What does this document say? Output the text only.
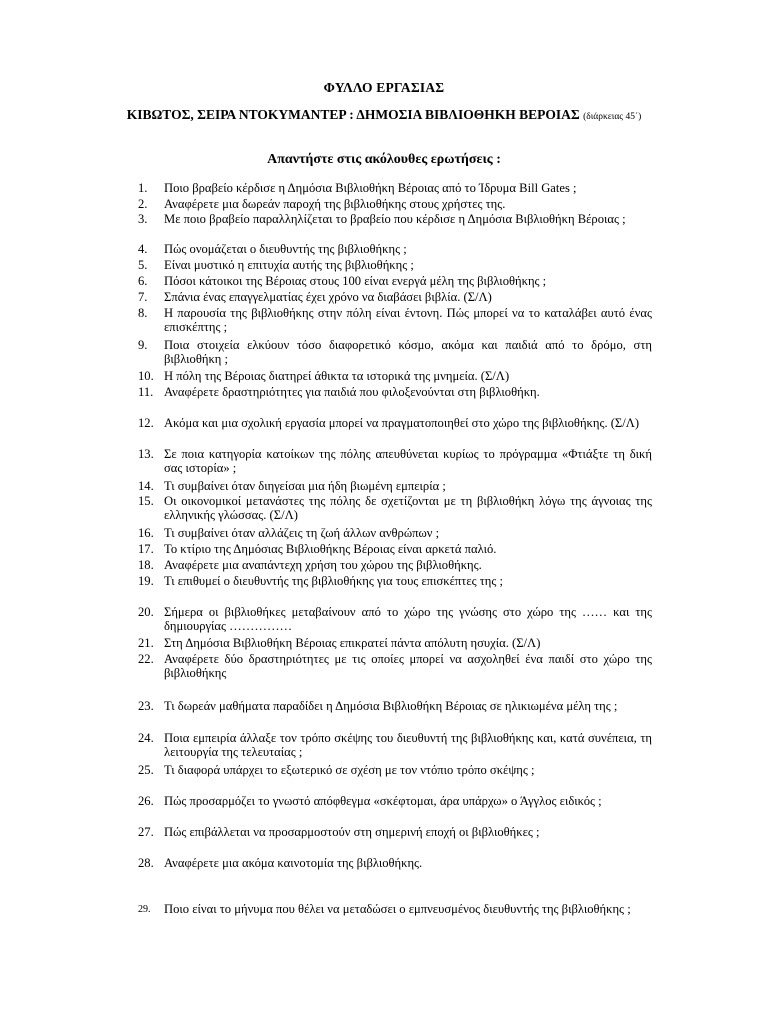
ΦΥΛΛΟ ΕΡΓΑΣΙΑΣ
ΚΙΒΩΤΟΣ, ΣΕΙΡΑ ΝΤΟΚΥΜΑΝΤΕΡ : ΔΗΜΟΣΙΑ ΒΙΒΛΙΟΘΗΚΗ ΒΕΡΟΙΑΣ (διάρκειας 45΄)
Απαντήστε στις ακόλουθες ερωτήσεις :
1. Ποιο βραβείο κέρδισε η Δημόσια Βιβλιοθήκη Βέροιας από το Ίδρυμα Bill Gates ;
2. Αναφέρετε μια δωρεάν παροχή της βιβλιοθήκης στους χρήστες της.
3. Με ποιο βραβείο παραλληλίζεται το βραβείο που κέρδισε η Δημόσια Βιβλιοθήκη Βέροιας ;
4. Πώς ονομάζεται ο διευθυντής της βιβλιοθήκης ;
5. Είναι μυστικό η επιτυχία αυτής της βιβλιοθήκης ;
6. Πόσοι κάτοικοι της Βέροιας στους 100 είναι ενεργά μέλη της βιβλιοθήκης ;
7. Σπάνια ένας επαγγελματίας έχει χρόνο να διαβάσει βιβλία. (Σ/Λ)
8. Η παρουσία της βιβλιοθήκης στην πόλη είναι έντονη. Πώς μπορεί να το καταλάβει αυτό ένας επισκέπτης ;
9. Ποια στοιχεία ελκύουν τόσο διαφορετικό κόσμο, ακόμα και παιδιά από το δρόμο, στη βιβλιοθήκη ;
10. Η πόλη της Βέροιας διατηρεί άθικτα τα ιστορικά της μνημεία. (Σ/Λ)
11. Αναφέρετε δραστηριότητες για παιδιά που φιλοξενούνται στη βιβλιοθήκη.
12. Ακόμα και μια σχολική εργασία μπορεί να πραγματοποιηθεί στο χώρο της βιβλιοθήκης. (Σ/Λ)
13. Σε ποια κατηγορία κατοίκων της πόλης απευθύνεται κυρίως το πρόγραμμα «Φτιάξτε τη δική σας ιστορία» ;
14. Τι συμβαίνει όταν διηγείσαι μια ήδη βιωμένη εμπειρία ;
15. Οι οικονομικοί μετανάστες της πόλης δε σχετίζονται με τη βιβλιοθήκη λόγω της άγνοιας της ελληνικής γλώσσας. (Σ/Λ)
16. Τι συμβαίνει όταν αλλάζεις τη ζωή άλλων ανθρώπων ;
17. Το κτίριο της Δημόσιας Βιβλιοθήκης Βέροιας είναι αρκετά παλιό.
18. Αναφέρετε μια αναπάντεχη χρήση του χώρου της βιβλιοθήκης.
19. Τι επιθυμεί ο διευθυντής της βιβλιοθήκης για τους επισκέπτες της ;
20. Σήμερα οι βιβλιοθήκες μεταβαίνουν από το χώρο της γνώσης στο χώρο της …… και της δημιουργίας ……………
21. Στη Δημόσια Βιβλιοθήκη Βέροιας επικρατεί πάντα απόλυτη ησυχία. (Σ/Λ)
22. Αναφέρετε δύο δραστηριότητες με τις οποίες μπορεί να ασχοληθεί ένα παιδί στο χώρο της βιβλιοθήκης
23. Τι δωρεάν μαθήματα παραδίδει η Δημόσια Βιβλιοθήκη Βέροιας σε ηλικιωμένα μέλη της ;
24. Ποια εμπειρία άλλαξε τον τρόπο σκέψης του διευθυντή της βιβλιοθήκης και, κατά συνέπεια, τη λειτουργία της τελευταίας ;
25. Τι διαφορά υπάρχει το εξωτερικό σε σχέση με τον ντόπιο τρόπο σκέψης ;
26. Πώς προσαρμόζει το γνωστό απόφθεγμα «σκέφτομαι, άρα υπάρχω» ο Άγγλος ειδικός ;
27. Πώς επιβάλλεται να προσαρμοστούν στη σημερινή εποχή οι βιβλιοθήκες ;
28. Αναφέρετε μια ακόμα καινοτομία της βιβλιοθήκης.
29. Ποιο είναι το μήνυμα που θέλει να μεταδώσει ο εμπνευσμένος διευθυντής της βιβλιοθήκης ;
